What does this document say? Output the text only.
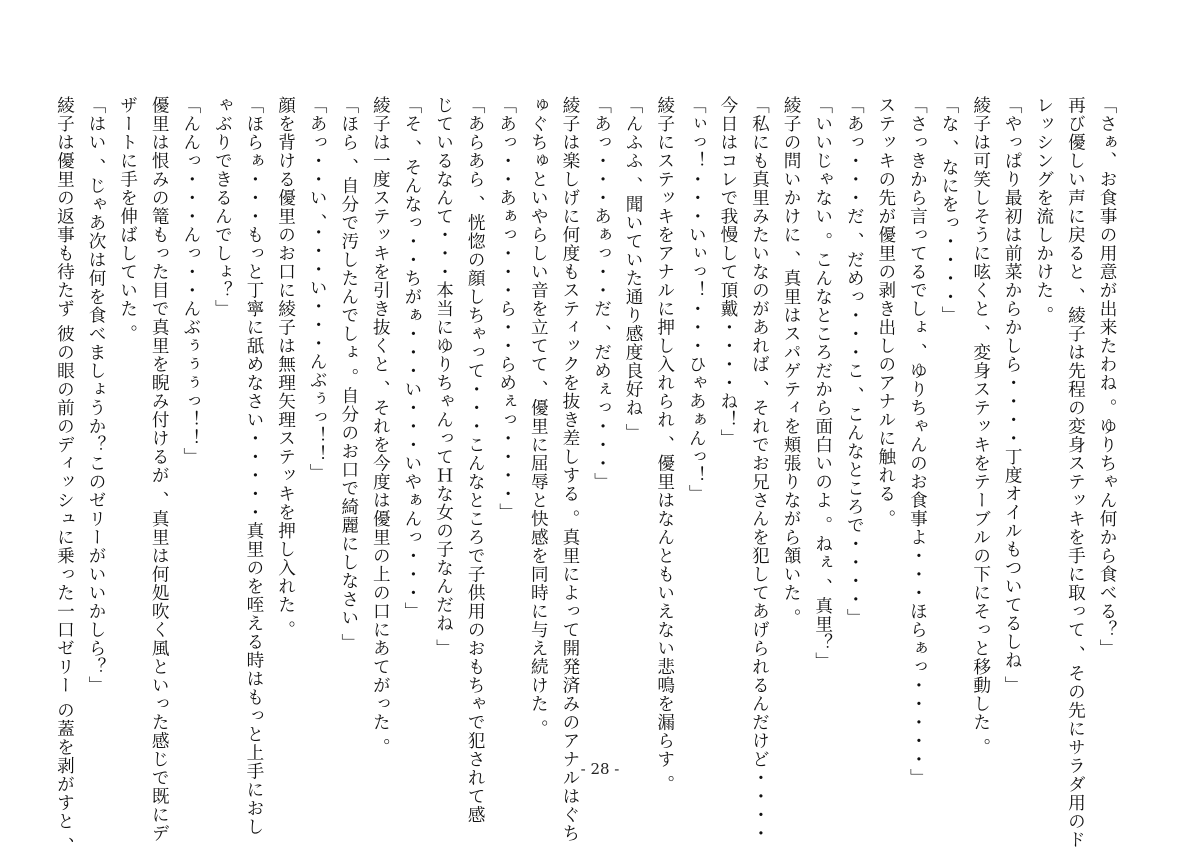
「さぁ、お食事の用意が出来たわね 。ゆりちゃん何から食べる？」
再び優しい声に戻ると 、綾子は先程の変身ステッキを手に取って 、その先にサラダ用のド
レッシングを流しかけた 。
「やっぱり最初は前菜からかしら・・・・丁度オイルもついてるしね 」
綾子は可笑しそうに呟くと 、変身ステッキをテーブルの下にそっと移動した 。
「な 、なにをっ・・・・」
「さっきから言ってるでしょ 、ゆりちゃんのお食事よ・・・ほらぁっ・・・・・」
ステッキの先が優里の剥き出しのアナルに触れる 。
「あっ・・・だ 、だめっ・・・こ 、こんなところで・・・・」
「いいじゃない 。こんなところだから面白いのよ 。ねぇ 、真里？」
綾子の問いかけに 、真里はスパゲティを頬張りながら頷いた 。
「私にも真里みたいなのがあれば 、それでお兄さんを犯してあげられるんだけど・・・・
今日はコレで我慢して頂戴・・・・ね！」
「ぃっ！・・・いぃっ！・・・ひゃあぁんっ！」
綾子にステッキをアナルに押し入れられ 、優里はなんともいえない悲鳴を漏らす 。
「んふふ 、聞いていた通り感度良好ね 」
「あっ・・・あぁっ・・だ 、だめぇっ・・・」
綾子は楽しげに何度もスティックを抜き差しする 。真里によって開発済みのアナルはぐち
ゅぐちゅといやらしい音を立てて 、優里に屈辱と快感を同時に与え続けた 。
「あっ・・あぁっ・・・ら・・らめぇっ・・・・」
「あらあら 、恍惚の顔しちゃって・・・こんなところで子供用のおもちゃで犯されて感
じているなんて・・・本当にゆりちゃんってＨな女の子なんだね 」
「そ 、そんなっ・・ちがぁ・・・い・・・いやぁんっ・・・」
綾子は一度ステッキを引き抜くと 、それを今度は優里の上の口にあてがった 。
「ほら 、自分で汚したんでしょ 。自分のお口で綺麗にしなさい 」
「あっ・・い 、・・・い・・・んぶぅっ！！」
顔を背ける優里のお口に綾子は無理矢理ステッキを押し入れた 。
「ほらぁ・・・もっと丁寧に舐めなさい・・・・・真里のを咥える時はもっと上手におし
ゃぶりできるんでしょ？」
「んんっ・・・んっ・・んぶぅぅぅっ！！」
優里は恨みの篭もった目で真里を睨み付けるが 、真里は何処吹く風といった感じで既にデ
ザートに手を伸ばしていた 。
「はい 、じゃあ次は何を食べましょうか？このゼリーがいいかしら？」
綾子は優里の返事も待たず 彼の眼の前のディッシュに乗った一口ゼリー の蓋を剥がすと 、	- 28 -
